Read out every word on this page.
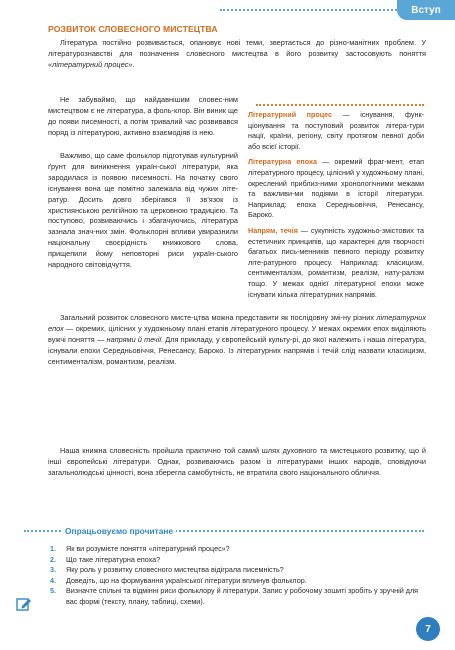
Вступ
РОЗВИТОК СЛОВЕСНОГО МИСТЕЦТВА

Література постійно розвивається, опановує нові теми, звертається до різно-манітних проблем. У літературознавстві для позначення словесного мистецтва в його розвитку застосовують поняття «літературний процес».

Не забуваймо, що найдавнішим словес-ним мистецтвом є не література, а фоль-клор. Він виник ще до появи писемності, а потім тривалий час розвивався поряд із літературою, активно взаємодіяв із нею.

Важливо, що саме фольклор підготував культурний ґрунт для виникнення україн-ської літератури, яка зародилася із появою писемності. На початку свого існування вона ще помітно залежала від чужих літе-ратур. Досить довго зберігався її зв'язок із християнською релігійною та церковною традицією. Та поступово, розвиваючись і збагачуючись, література зазнала знач-них змін. Фольклорні впливи увиразнили національну своєрідність книжкового слова, прищепили йому неповторні риси україн-ського народного світовідчуття.

Загальний розвиток словесного мисте-цтва можна представити як послідовну змі-ну різних літературних епох — окремих, цілісних у художньому плані етапів літературного процесу. У межах окремих епох виділяють вужчі поняття — напрями й течії. Для прикладу, у європейській культу-рі, до якої належить і наша література, існували епохи Середньовіччя, Ренесансу, Бароко. Із літературних напрямів і течій слід назвати класицизм, сентименталізм, романтизм, реалізм.

Наша книжна словесність пройшла практично той самий шлях духовного та мистецького розвитку, що й інші європейські літератури. Однак, розвиваючись разом із літературами інших народів, сповідуючи загальнолюдські цінності, вона зберегла самобутність, не втратила свого національного обличчя.

Літературний процес — існування, функ-ціонування та поступовий розвиток літера-тури нації, країни, регіону, світу протягом певної доби або всієї історії.

Літературна епоха — окремий фраг-мент, етап літературного процесу, цілісний у художньому плані, окреслений приблиз-ними хронологічними межами та важливи-ми подіями в історії літератури. Наприклад: епоха Середньовіччя, Ренесансу, Бароко.

Напрям, течія — сукупність художньо-змістових та естетичних принципів, що характерні для творчості багатьох пись-менників певного періоду розвитку літе-ратурного процесу. Наприклад: класицизм, сентименталізм, романтизм, реалізм, нату-ралізм тощо. У межах однієї літературної епохи може існувати кілька літературних напрямів.

Опрацьовуємо прочитане
1. Як ви розумієте поняття «літературний процес»?
2. Що таке літературна епоха?
3. Яку роль у розвитку словесного мистецтва відіграла писемність?
4. Доведіть, що на формування української літератури вплинув фольклор.
5. Визначте спільні та відмінні риси фольклору й літератури. Запис у робочому зошиті зробіть у зручній для вас формі (тексту, плану, таблиці, схеми).
7
